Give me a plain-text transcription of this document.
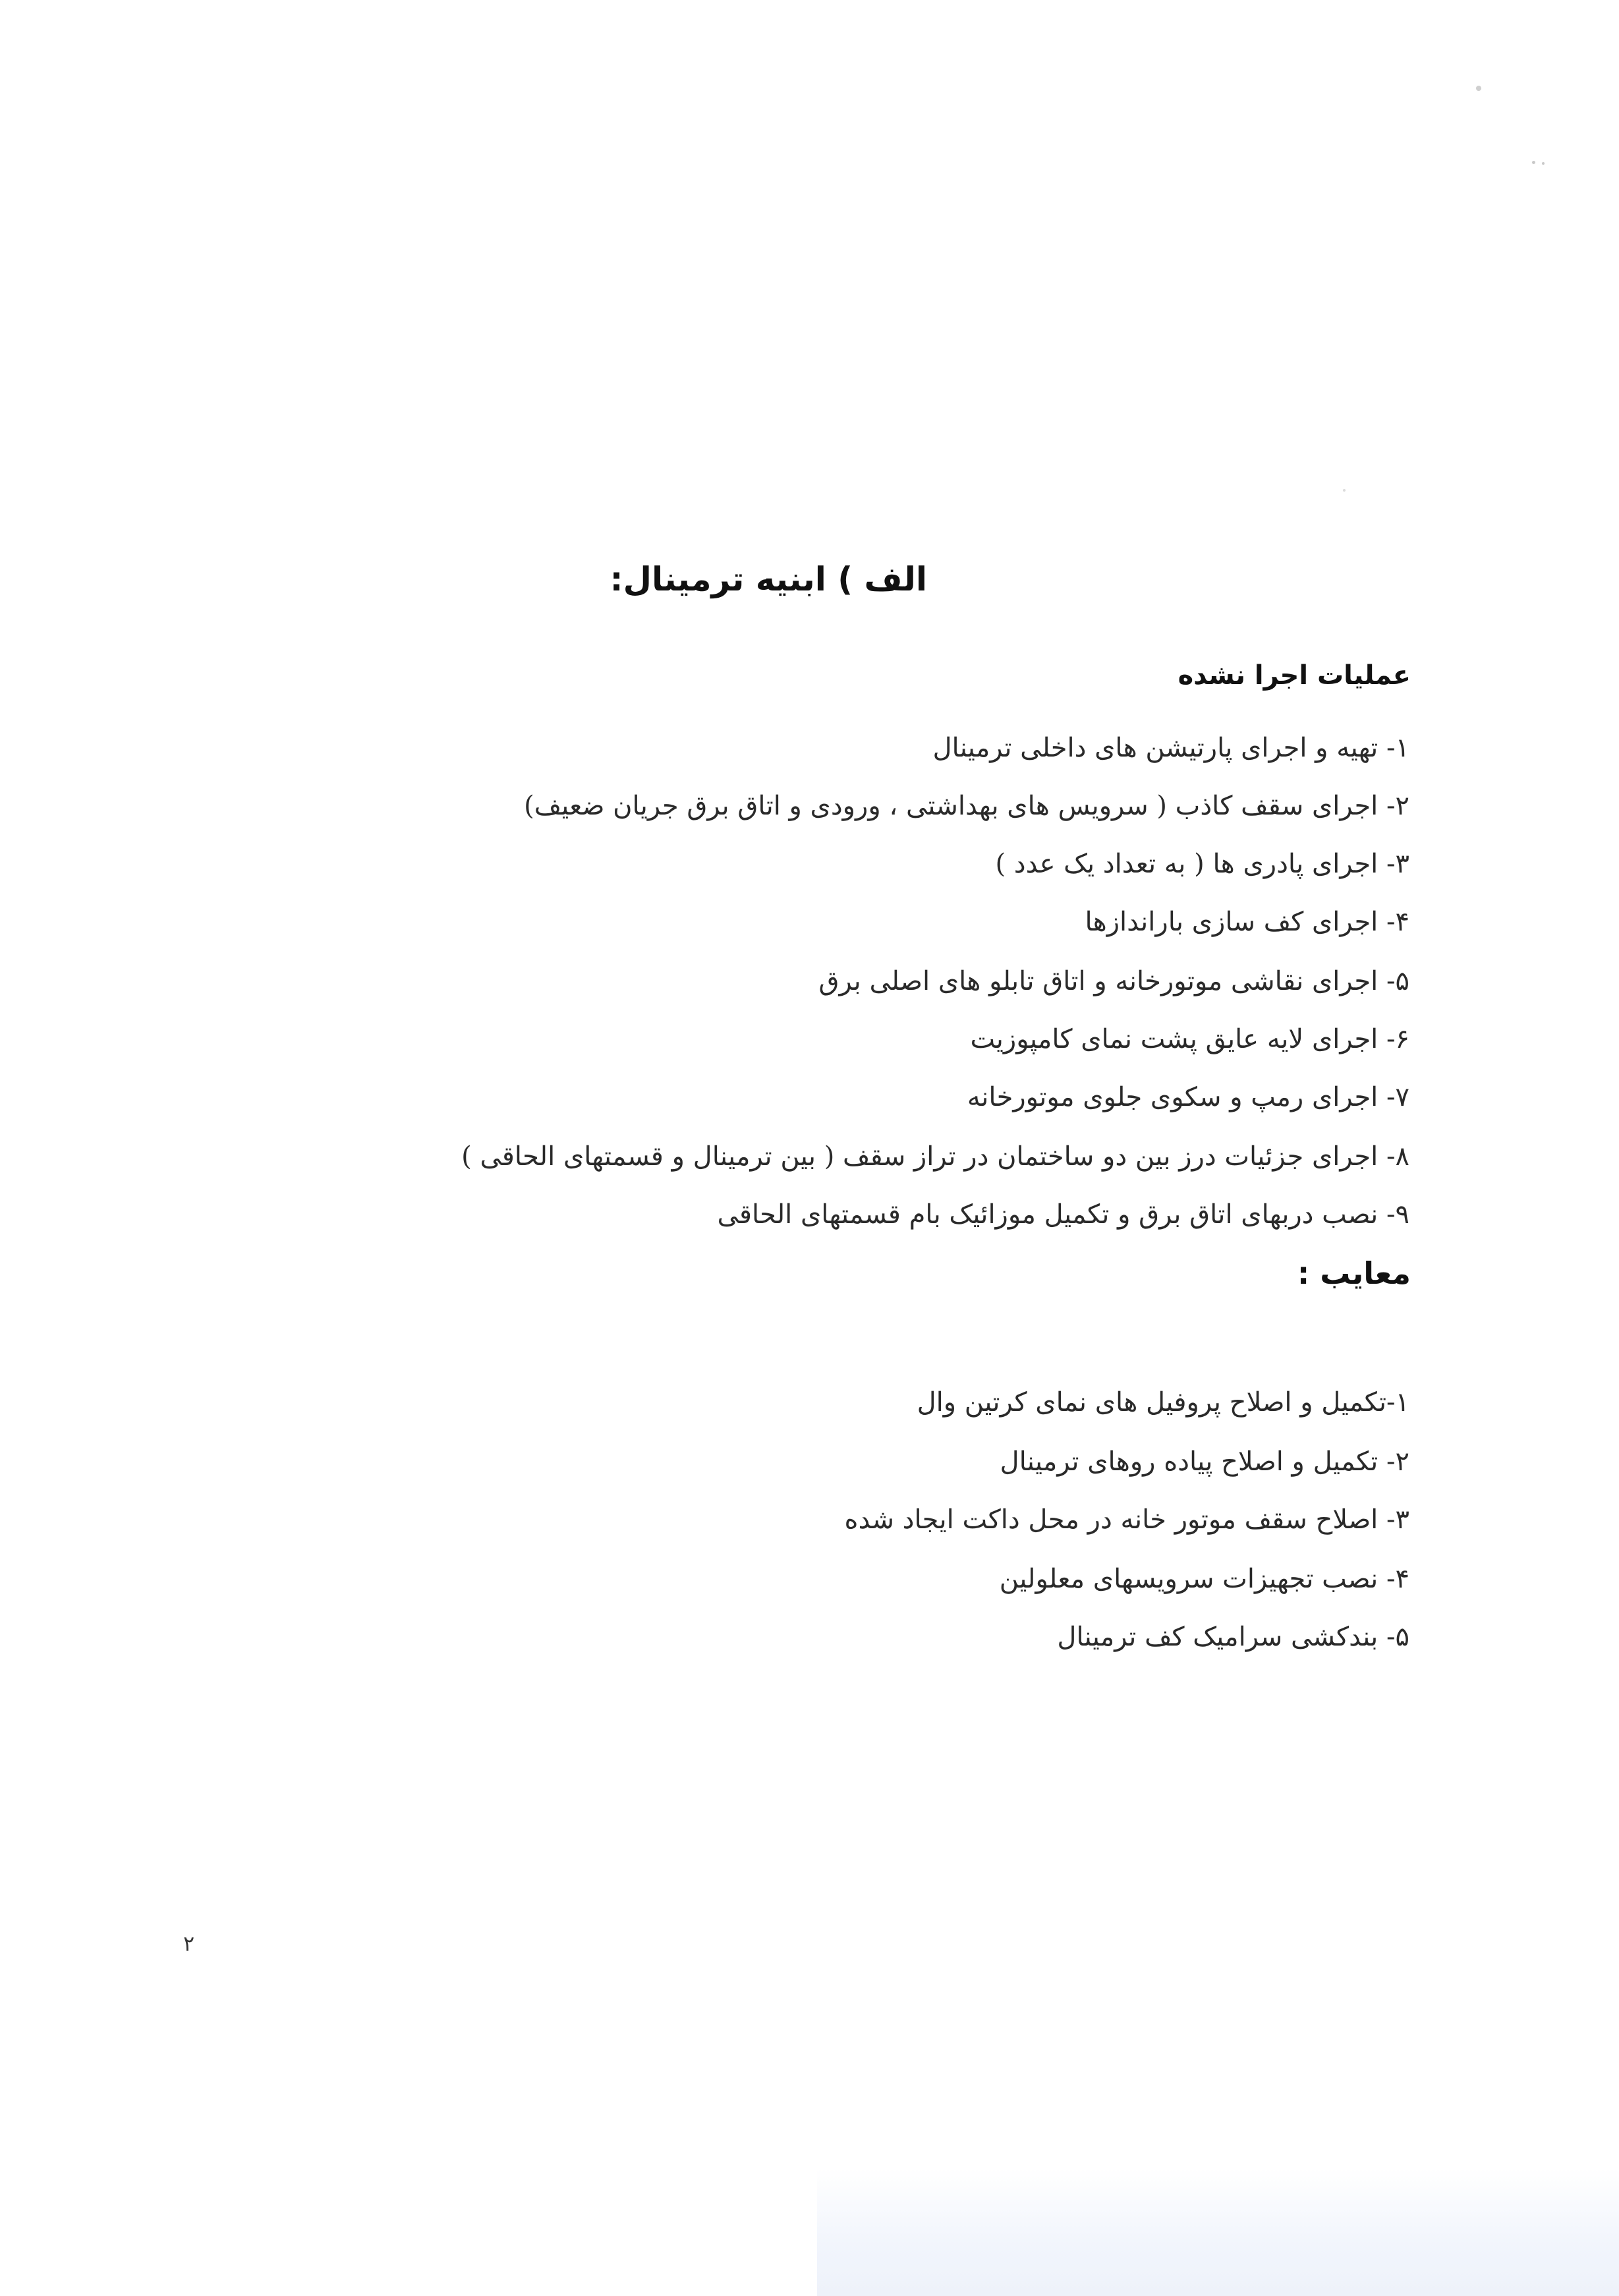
الف ) ابنیه ترمینال:
عملیات اجرا نشده
۱- تهیه و اجرای پارتیشن های داخلی ترمینال
۲- اجرای سقف کاذب ( سرویس های بهداشتی ، ورودی و اتاق برق جریان ضعیف)
۳- اجرای پادری ها ( به تعداد یک عدد )
۴- اجرای کف سازی باراندازها
۵- اجرای نقاشی موتورخانه و اتاق تابلو های اصلی برق
۶- اجرای لایه عایق پشت نمای کامپوزیت
۷- اجرای رمپ و سکوی جلوی موتورخانه
۸- اجرای جزئیات درز بین دو ساختمان در تراز سقف ( بین ترمینال و قسمتهای الحاقی )
۹- نصب دربهای اتاق برق و تکمیل موزائیک بام قسمتهای الحاقی
معایب :
۱-تکمیل و اصلاح پروفیل های نمای کرتین وال
۲- تکمیل و اصلاح پیاده روهای ترمینال
۳- اصلاح سقف موتور خانه در محل داکت ایجاد شده
۴- نصب تجهیزات سرویسهای معلولین
۵- بندکشی سرامیک کف ترمینال
۲
